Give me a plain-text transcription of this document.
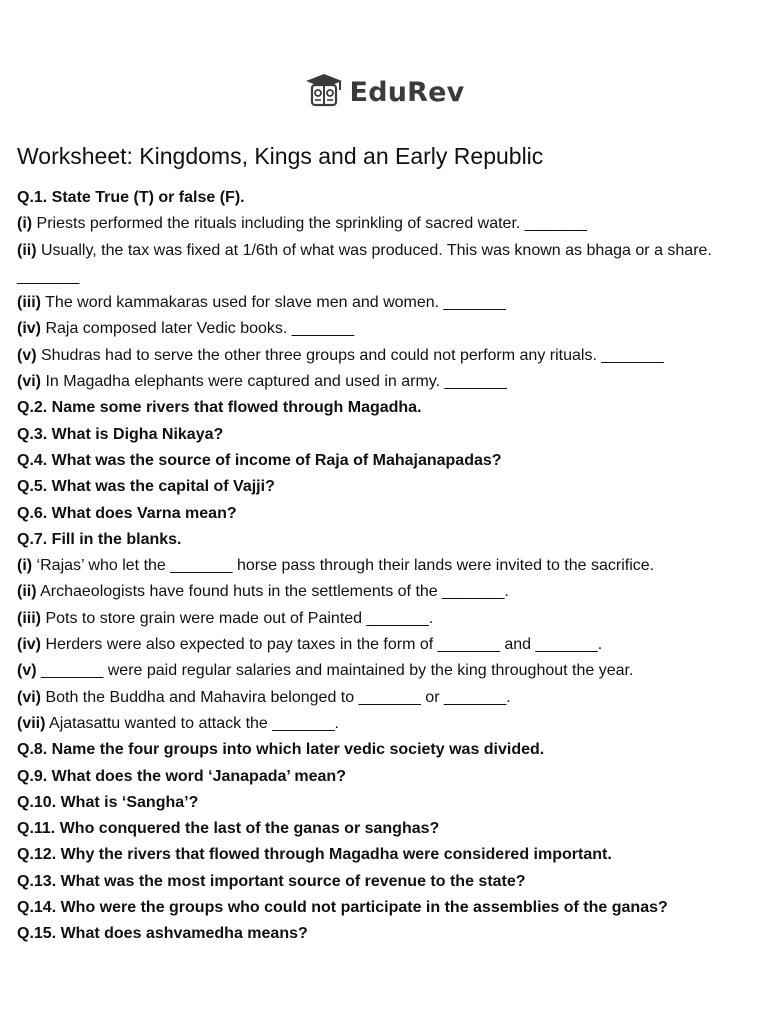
EduRev
Worksheet: Kingdoms, Kings and an Early Republic

Q.1. State True (T) or false (F).

(i) Priests performed the rituals including the sprinkling of sacred water. _______

(ii) Usually, the tax was fixed at 1/6th of what was produced. This was known as bhaga or a share. _______

(iii) The word kammakaras used for slave men and women. _______

(iv) Raja composed later Vedic books. _______

(v) Shudras had to serve the other three groups and could not perform any rituals. _______

(vi) In Magadha elephants were captured and used in army. _______

Q.2. Name some rivers that flowed through Magadha.

Q.3. What is Digha Nikaya?

Q.4. What was the source of income of Raja of Mahajanapadas?

Q.5. What was the capital of Vajji?

Q.6. What does Varna mean?

Q.7. Fill in the blanks.

(i) ‘Rajas’ who let the _______ horse pass through their lands were invited to the sacrifice.

(ii) Archaeologists have found huts in the settlements of the _______.

(iii) Pots to store grain were made out of Painted _______.

(iv) Herders were also expected to pay taxes in the form of _______ and _______.

(v) _______ were paid regular salaries and maintained by the king throughout the year.

(vi) Both the Buddha and Mahavira belonged to _______ or _______.

(vii) Ajatasattu wanted to attack the _______.

Q.8. Name the four groups into which later vedic society was divided.

Q.9. What does the word ‘Janapada’ mean?

Q.10. What is ‘Sangha’?

Q.11. Who conquered the last of the ganas or sanghas?

Q.12. Why the rivers that flowed through Magadha were considered important.

Q.13. What was the most important source of revenue to the state?

Q.14. Who were the groups who could not participate in the assemblies of the ganas?

Q.15. What does ashvamedha means?
